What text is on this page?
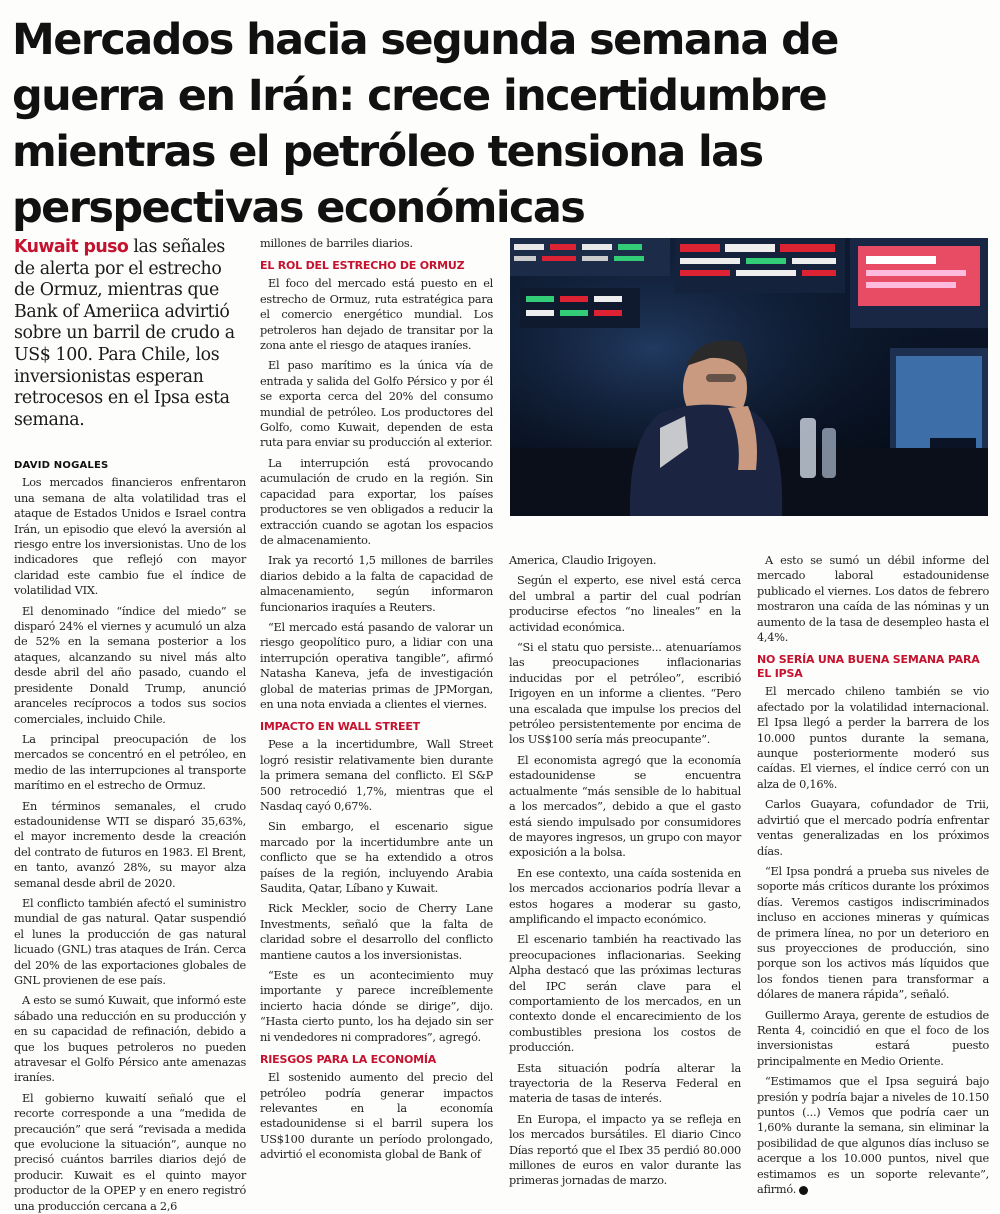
Mercados hacia segunda semana de guerra en Irán: crece incertidumbre mientras el petróleo tensiona las perspectivas económicas

Kuwait puso las señales de alerta por el estrecho de Ormuz, mientras que Bank of Ameriica advirtió sobre un barril de crudo a US$ 100. Para Chile, los inversionistas esperan retrocesos en el Ipsa esta semana.

DAVID NOGALES

Los mercados financieros enfrentaron una semana de alta volatilidad tras el ataque de Estados Unidos e Israel contra Irán, un episodio que elevó la aversión al riesgo entre los inversionistas. Uno de los indicadores que reflejó con mayor claridad este cambio fue el índice de volatilidad VIX.

El denominado “índice del miedo” se disparó 24% el viernes y acumuló un alza de 52% en la semana posterior a los ataques, alcanzando su nivel más alto desde abril del año pasado, cuando el presidente Donald Trump, anunció aranceles recíprocos a todos sus socios comerciales, incluido Chile.

La principal preocupación de los mercados se concentró en el petróleo, en medio de las interrupciones al transporte marítimo en el estrecho de Ormuz.

En términos semanales, el crudo estadounidense WTI se disparó 35,63%, el mayor incremento desde la creación del contrato de futuros en 1983. El Brent, en tanto, avanzó 28%, su mayor alza semanal desde abril de 2020.

El conflicto también afectó el suministro mundial de gas natural. Qatar suspendió el lunes la producción de gas natural licuado (GNL) tras ataques de Irán. Cerca del 20% de las exportaciones globales de GNL provienen de ese país.

A esto se sumó Kuwait, que informó este sábado una reducción en su producción y en su capacidad de refinación, debido a que los buques petroleros no pueden atravesar el Golfo Pérsico ante amenazas iraníes.

El gobierno kuwaití señaló que el recorte corresponde a una “medida de precaución” que será “revisada a medida que evolucione la situación”, aunque no precisó cuántos barriles diarios dejó de producir. Kuwait es el quinto mayor productor de la OPEP y en enero registró una producción cercana a 2,6

millones de barriles diarios.

EL ROL DEL ESTRECHO DE ORMUZ

El foco del mercado está puesto en el estrecho de Ormuz, ruta estratégica para el comercio energético mundial. Los petroleros han dejado de transitar por la zona ante el riesgo de ataques iraníes.

El paso marítimo es la única vía de entrada y salida del Golfo Pérsico y por él se exporta cerca del 20% del consumo mundial de petróleo. Los productores del Golfo, como Kuwait, dependen de esta ruta para enviar su producción al exterior.

La interrupción está provocando acumulación de crudo en la región. Sin capacidad para exportar, los países productores se ven obligados a reducir la extracción cuando se agotan los espacios de almacenamiento.

Irak ya recortó 1,5 millones de barriles diarios debido a la falta de capacidad de almacenamiento, según informaron funcionarios iraquíes a Reuters.

“El mercado está pasando de valorar un riesgo geopolítico puro, a lidiar con una interrupción operativa tangible”, afirmó Natasha Kaneva, jefa de investigación global de materias primas de JPMorgan, en una nota enviada a clientes el viernes.

IMPACTO EN WALL STREET

Pese a la incertidumbre, Wall Street logró resistir relativamente bien durante la primera semana del conflicto. El S&P 500 retrocedió 1,7%, mientras que el Nasdaq cayó 0,67%.

Sin embargo, el escenario sigue marcado por la incertidumbre ante un conflicto que se ha extendido a otros países de la región, incluyendo Arabia Saudita, Qatar, Líbano y Kuwait.

Rick Meckler, socio de Cherry Lane Investments, señaló que la falta de claridad sobre el desarrollo del conflicto mantiene cautos a los inversionistas.

“Este es un acontecimiento muy importante y parece increíblemente incierto hacia dónde se dirige”, dijo. “Hasta cierto punto, los ha dejado sin ser ni vendedores ni compradores”, agregó.

RIESGOS PARA LA ECONOMÍA

El sostenido aumento del precio del petróleo podría generar impactos relevantes en la economía estadounidense si el barril supera los US$100 durante un período prolongado, advirtió el economista global de Bank of

America, Claudio Irigoyen.

Según el experto, ese nivel está cerca del umbral a partir del cual podrían producirse efectos “no lineales” en la actividad económica.

“Si el statu quo persiste... atenuaríamos las preocupaciones inflacionarias inducidas por el petróleo”, escribió Irigoyen en un informe a clientes. “Pero una escalada que impulse los precios del petróleo persistentemente por encima de los US$100 sería más preocupante”.

El economista agregó que la economía estadounidense se encuentra actualmente “más sensible de lo habitual a los mercados”, debido a que el gasto está siendo impulsado por consumidores de mayores ingresos, un grupo con mayor exposición a la bolsa.

En ese contexto, una caída sostenida en los mercados accionarios podría llevar a estos hogares a moderar su gasto, amplificando el impacto económico.

El escenario también ha reactivado las preocupaciones inflacionarias. Seeking Alpha destacó que las próximas lecturas del IPC serán clave para el comportamiento de los mercados, en un contexto donde el encarecimiento de los combustibles presiona los costos de producción.

Esta situación podría alterar la trayectoria de la Reserva Federal en materia de tasas de interés.

En Europa, el impacto ya se refleja en los mercados bursátiles. El diario Cinco Días reportó que el Ibex 35 perdió 80.000 millones de euros en valor durante las primeras jornadas de marzo.

A esto se sumó un débil informe del mercado laboral estadounidense publicado el viernes. Los datos de febrero mostraron una caída de las nóminas y un aumento de la tasa de desempleo hasta el 4,4%.

NO SERÍA UNA BUENA SEMANA PARA EL IPSA

El mercado chileno también se vio afectado por la volatilidad internacional. El Ipsa llegó a perder la barrera de los 10.000 puntos durante la semana, aunque posteriormente moderó sus caídas. El viernes, el índice cerró con un alza de 0,16%.

Carlos Guayara, cofundador de Trii, advirtió que el mercado podría enfrentar ventas generalizadas en los próximos días.

“El Ipsa pondrá a prueba sus niveles de soporte más críticos durante los próximos días. Veremos castigos indiscriminados incluso en acciones mineras y químicas de primera línea, no por un deterioro en sus proyecciones de producción, sino porque son los activos más líquidos que los fondos tienen para transformar a dólares de manera rápida”, señaló.

Guillermo Araya, gerente de estudios de Renta 4, coincidió en que el foco de los inversionistas estará puesto principalmente en Medio Oriente.

“Estimamos que el Ipsa seguirá bajo presión y podría bajar a niveles de 10.150 puntos (...) Vemos que podría caer un 1,60% durante la semana, sin eliminar la posibilidad de que algunos días incluso se acerque a los 10.000 puntos, nivel que estimamos es un soporte relevante”, afirmó. P
